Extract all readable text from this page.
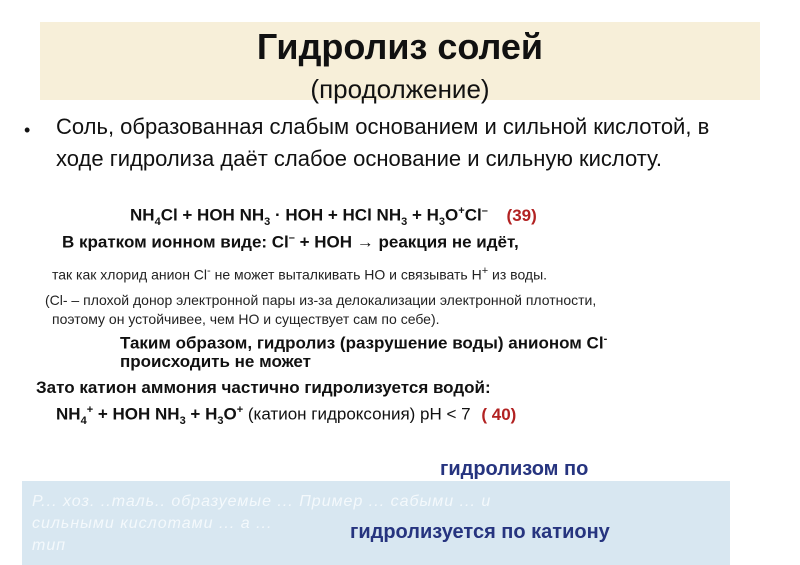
Гидролиз солей
(продолжение)
• Соль, образованная слабым основанием и сильной кислотой, в ходе гидролиза даёт слабое основание и сильную кислоту.
$NH_4Cl$ + HOH $NH_3$ · HOH + HCl $NH_3 + H_3O^+Cl^-$ (39)
В кратком ионном виде: Cl– + HOH → реакция не идёт,
так как хлорид анион Cl- не может выталкивать НО и связывать Н+ из воды.
(Cl- – плохой донор электронной пары из-за делокализации электронной плотности,
поэтому он устойчивее, чем НО и существует сам по себе).
Таким образом, гидролиз (разрушение воды) анионом Cl-
происходить не может
Зато катион аммония частично гидролизуется водой:
$NH_4^+$ + HOH $NH_3 + H_3O^+$ (катион гидроксония) pH < 7 ( 40)
гидролизом по
Р... хоз. ..таль.. образуемые ... Пример ... сабыми ... и
сильными кислотами ... а ...
тип
гидролизуется по катиону
